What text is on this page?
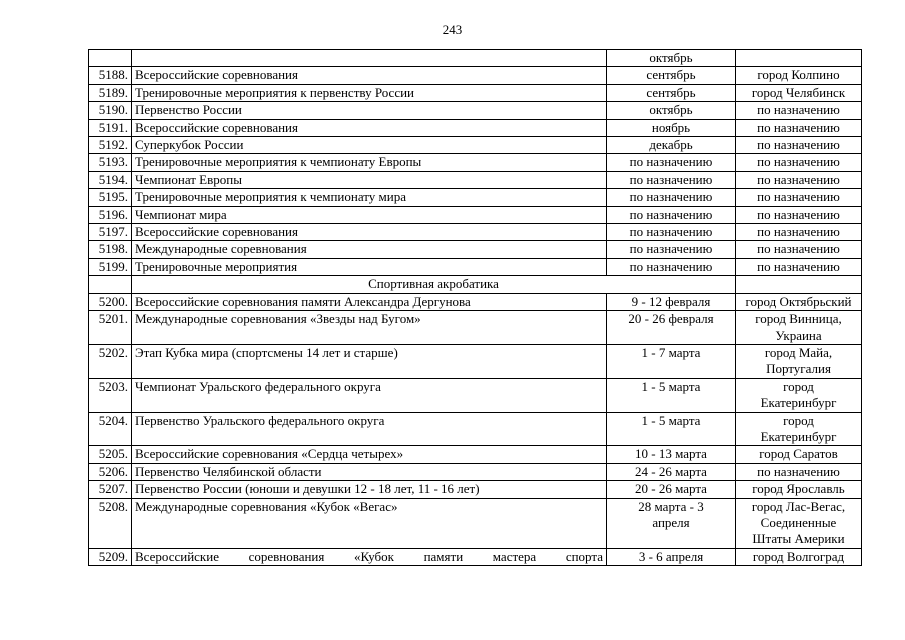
243
		октябрь	
5188.	Всероссийские соревнования	сентябрь	город Колпино
5189.	Тренировочные мероприятия к первенству России	сентябрь	город Челябинск
5190.	Первенство России	октябрь	по назначению
5191.	Всероссийские соревнования	ноябрь	по назначению
5192.	Суперкубок России	декабрь	по назначению
5193.	Тренировочные мероприятия к чемпионату Европы	по назначению	по назначению
5194.	Чемпионат Европы	по назначению	по назначению
5195.	Тренировочные мероприятия к чемпионату мира	по назначению	по назначению
5196.	Чемпионат мира	по назначению	по назначению
5197.	Всероссийские соревнования	по назначению	по назначению
5198.	Международные соревнования	по назначению	по назначению
5199.	Тренировочные мероприятия	по назначению	по назначению
	Спортивная акробатика		
5200.	Всероссийские соревнования памяти Александра Дергунова	9 - 12 февраля	город Октябрьский

5201.	Международные соревнования «Звезды над Бугом»	20 - 26 февраля	город Винница,
Украина

5202.	Этап Кубка мира (спортсмены 14 лет и старше)	1 - 7 марта	город Майа,
Португалия

5203.	Чемпионат Уральского федерального округа	1 - 5 марта	город
Екатеринбург

5204.	Первенство Уральского федерального округа	1 - 5 марта	город
Екатеринбург

5205.	Всероссийские соревнования «Сердца четырех»	10 - 13 марта	город Саратов

5206.	Первенство Челябинской области	24 - 26 марта	по назначению

5207.	Первенство России (юноши и девушки 12 - 18 лет, 11 - 16 лет)	20 - 26 марта	город Ярославль

5208.	Международные соревнования «Кубок «Вегас»	28 марта - 3
апреля	город Лас-Вегас,
Соединенные
Штаты Америки

5209.	Всероссийские соревнования «Кубок памяти мастера спорта	3 - 6 апреля	город Волгоград
